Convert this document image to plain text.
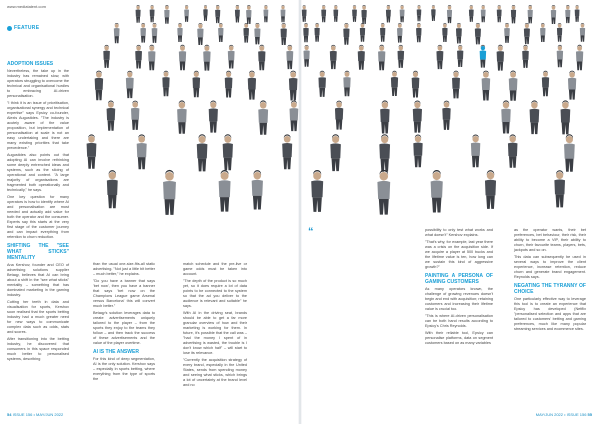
www.mediatalent.com
FEATURE
ADOPTION ISSUES

Nevertheless, the take up in the industry has remained slow, with operators struggling to overcome the technical and organisational hurdles to embracing AI-driven personalisation.

"I think it is an issue of prioritisation, organisational synergy and technical expertise" says Epsicy co-founder, Alexis Augustides. "The industry is acutely aware of the value proposition, but implementation of personalisation at scale is not an easy undertaking and there are many existing priorities that take precedence."

Augustides also points out that adopting AI can involve rethinking some deeply entrenched ideas and systems, such as the siloing of operational and content. "A large majority of organisations are fragmented both operationally and technically," he says.

One key question for many operators is how to identify where AI and personalisation are most needed and actually add value for both the operator and the consumer. Experts say this starts at the very first stage of the customer journey and can impact everything from retention to churn reduction.

SHIFTING THE "SEE WHAT STICKS" MENTALITY

Ana Kershov, founder and CEO of advertising solutions supplier Betaqy, believes that AI can bring about a shift in the "see what sticks" mentality – something that has dominated marketing in the gaming industry.

Cutting her teeth in data and visualisation for sports, Kershov soon realised that the sports betting industry had a much greater need for new ways to communicate complex data such as odds, stats and scores.

After transitioning into the betting industry, he discovered that consumers in this space responded much better to personalised systems, describing

than the usual one-size-fits-all static advertising. "Not just a little bit better – much better," he explains.

"Do you have a banner that says 'bet now', then you have a banner that says 'bet now on the Champions League game Arsenal versus Barcelona' this will convert much better."

Betaqy's solution leverages data to create advertisements uniquely tailored to the player – from the sports they enjoy to the teams they follow – and then track the success of these advertisements and the value of the player overtime.

AI IS THE ANSWER

For this kind of deep segmentation, AI is the only solution. Kershov says – especially in sports betting, where everything from the type of sports the

match schedule and the pre-live or game odds must be taken into account.

"The depth of the product is so much yet, so it does require a lot of data points to be connected to the system so that the ad you deliver to the audience is relevant and suitable" he says.

With AI in the driving seat, brands should be able to get a far more granular overview of how and their marketing is working for them. In future, it's possible that the call was – "had the money I spent of in advertising is wasted, the trouble is I don't know which half" – will start to lose its relevance.

"Currently the acquisition strategy of every brand, especially in the United States, sends from spending money and seeing what sticks, which brings a lot of uncertainty at the brand level and no

“	possibility to only test what works and what doesn't" Kershov explains.

"That's why, for example, last year there was a crisis on the acquisition side. If we acquire a player at 500 bucks and the lifetime value is ten, how long can we sustain this kind of aggressive growth?"

PAINTING A PERSONA OF GAMING CUSTOMERS

As many operators known, the challenge of growing revenues doesn't begin and end with acquisition; retaining customers and increasing their lifetime value is crucial too.

"This is where AI-driven personalisation can be both hand results according to Epsicy's Chris Reynolds.

With their reliable tool, Epsicy can personalise platforms, data on segment customers based on as many variables

as the operator wants, their bet preferences, bet behaviour, their risk, their ability to become a VIP, their ability to churn, their favourite teams, players, bets, jackpots and so on.

This data can subsequently be used in several ways to improve the client experience, increase retention, reduce churn and generate brand engagement. Reynolds says.

NEGATING THE TYRANNY OF CHOICE

One particularly effective way to leverage this tool is to create an experience that Epsicy has developed (Netflix "personalised selection and apps that are tailored to customers' betting and gaming preferences, much like many popular streaming services and ecommerce sites.

54 ISSUE 156 • MAY/JUN 2022	MAY/JUN 2022 • ISSUE 156 55
